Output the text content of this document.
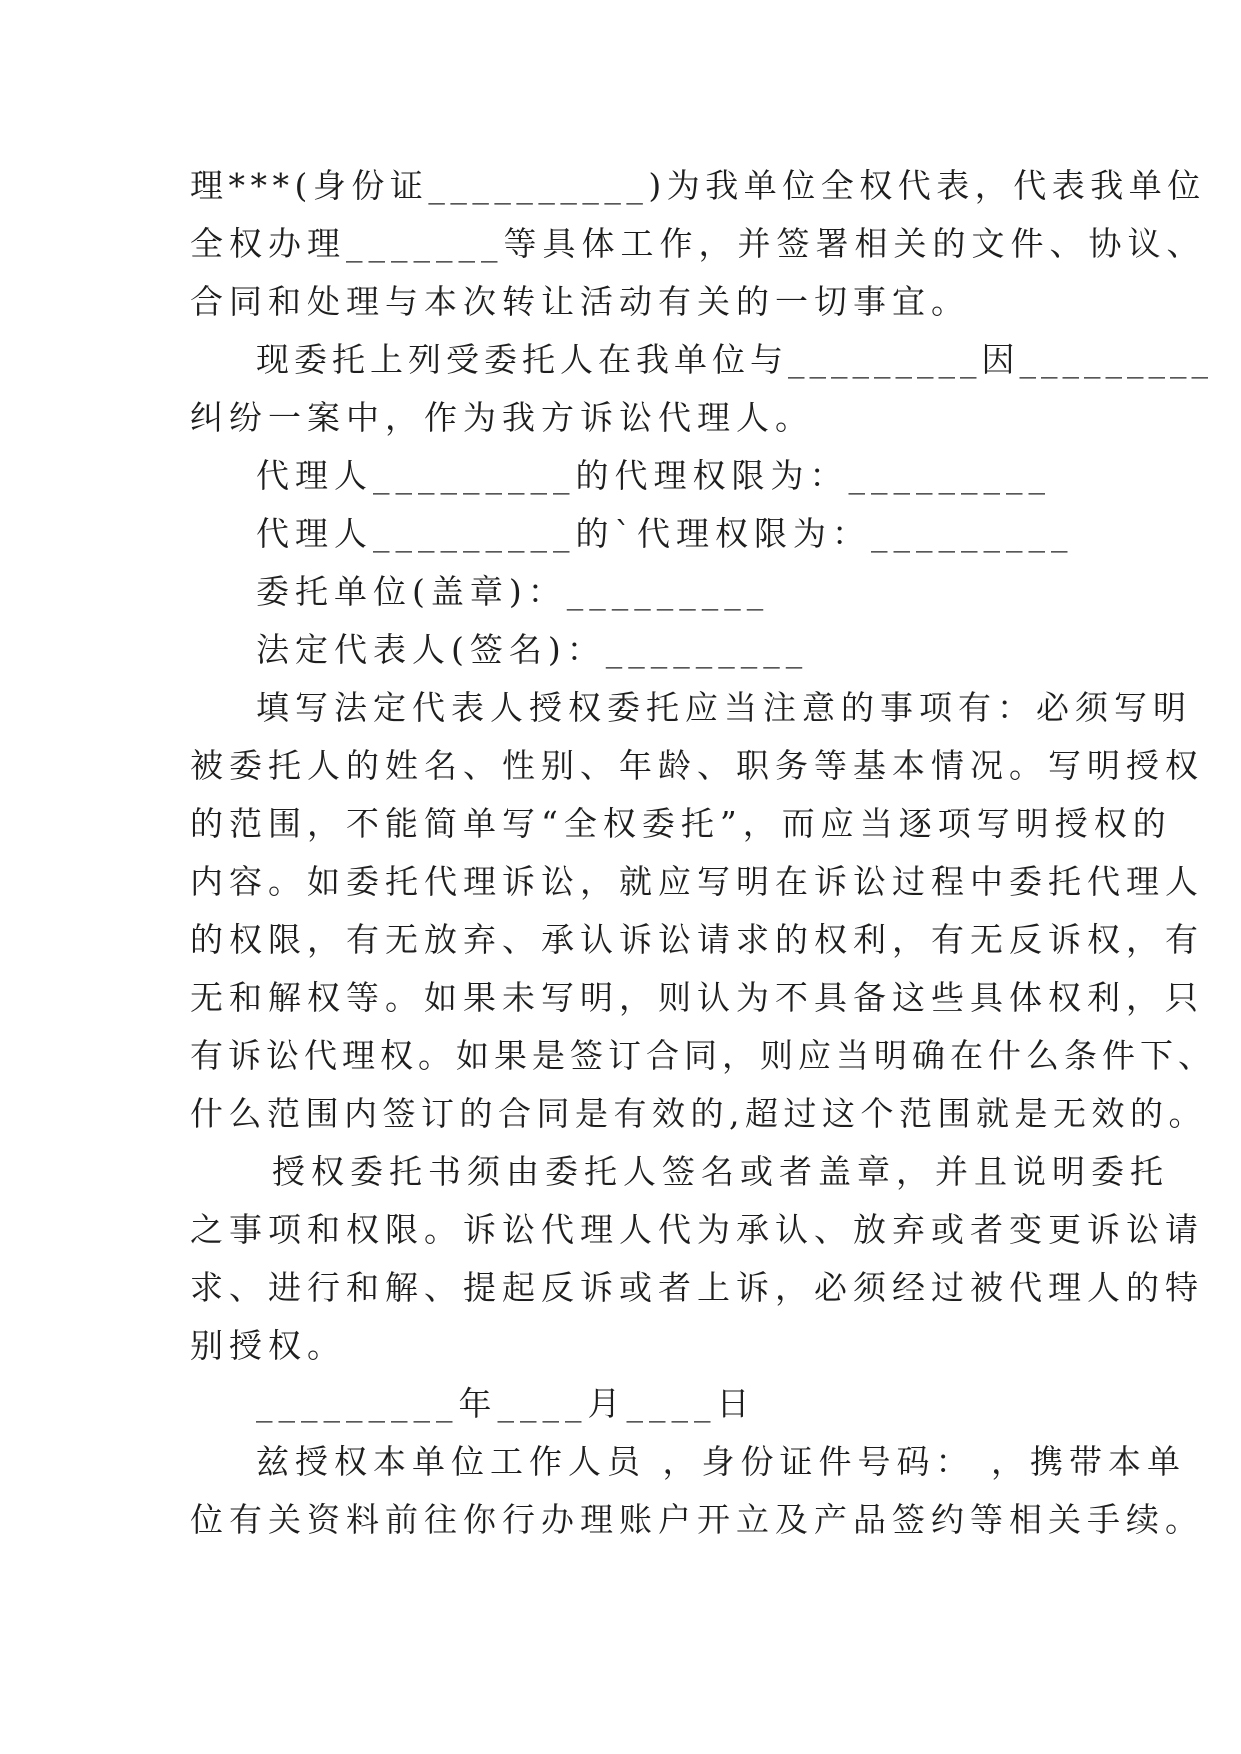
理***(身份证__________)为我单位全权代表，代表我单位
全权办理_______等具体工作，并签署相关的文件、协议、
合同和处理与本次转让活动有关的一切事宜。
现委托上列受委托人在我单位与_________因_________
纠纷一案中，作为我方诉讼代理人。
代理人_________的代理权限为：_________
代理人_________的`代理权限为：_________
委托单位(盖章)：_________
法定代表人(签名)：_________
填写法定代表人授权委托应当注意的事项有：必须写明
被委托人的姓名、性别、年龄、职务等基本情况。写明授权
的范围，不能简单写“全权委托”，而应当逐项写明授权的
内容。如委托代理诉讼，就应写明在诉讼过程中委托代理人
的权限，有无放弃、承认诉讼请求的权利，有无反诉权，有
无和解权等。如果未写明，则认为不具备这些具体权利，只
有诉讼代理权。如果是签订合同，则应当明确在什么条件下、
什么范围内签订的合同是有效的,超过这个范围就是无效的。
授权委托书须由委托人签名或者盖章，并且说明委托
之事项和权限。诉讼代理人代为承认、放弃或者变更诉讼请
求、进行和解、提起反诉或者上诉，必须经过被代理人的特
别授权。
_________年____月____日
兹授权本单位工作人员 ，身份证件号码： ，携带本单
位有关资料前往你行办理账户开立及产品签约等相关手续。
